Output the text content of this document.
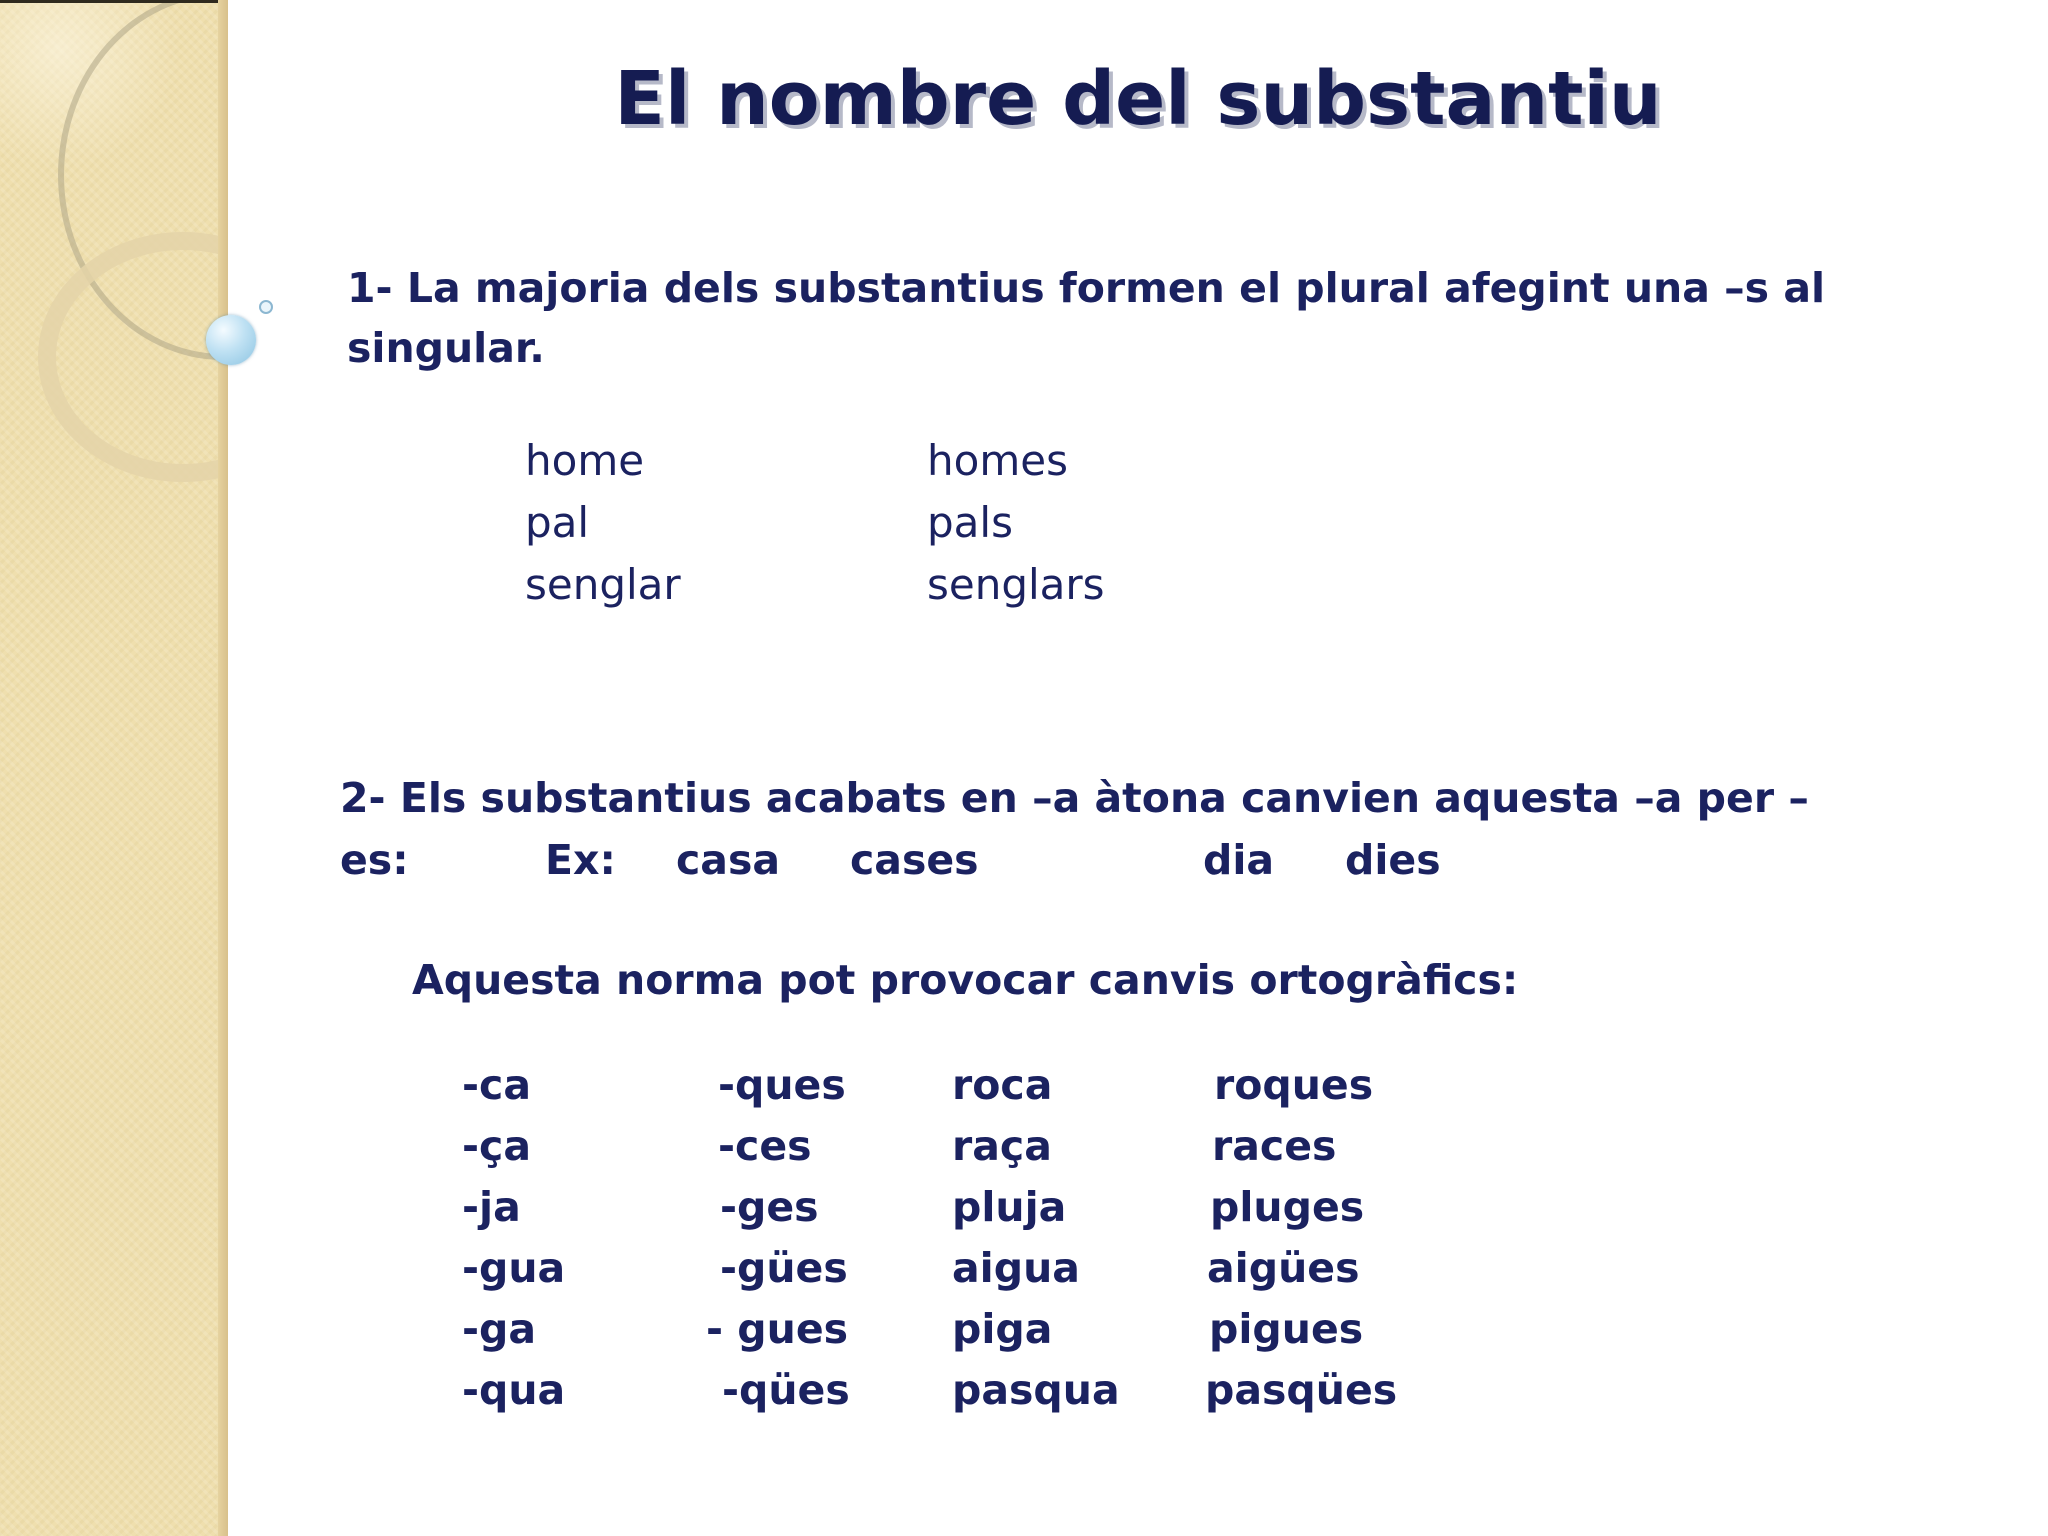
El nombre del substantiu
1- La majoria dels substantius formen el plural afegint una –s al
singular.
home
pal
senglar
homes
pals
senglars
2- Els substantius acabats en –a àtona canvien aquesta –a per –
es:	Ex: casa cases	dia dies
Aquesta norma pot provocar canvis ortogràfics:
-ca
-ça
-ja
-gua
-ga
-qua
-ques
-ces
-ges
-gües
- gues
-qües
roca
raça
pluja
aigua
piga
pasqua
roques
races
pluges
aigües
pigues
pasqües
